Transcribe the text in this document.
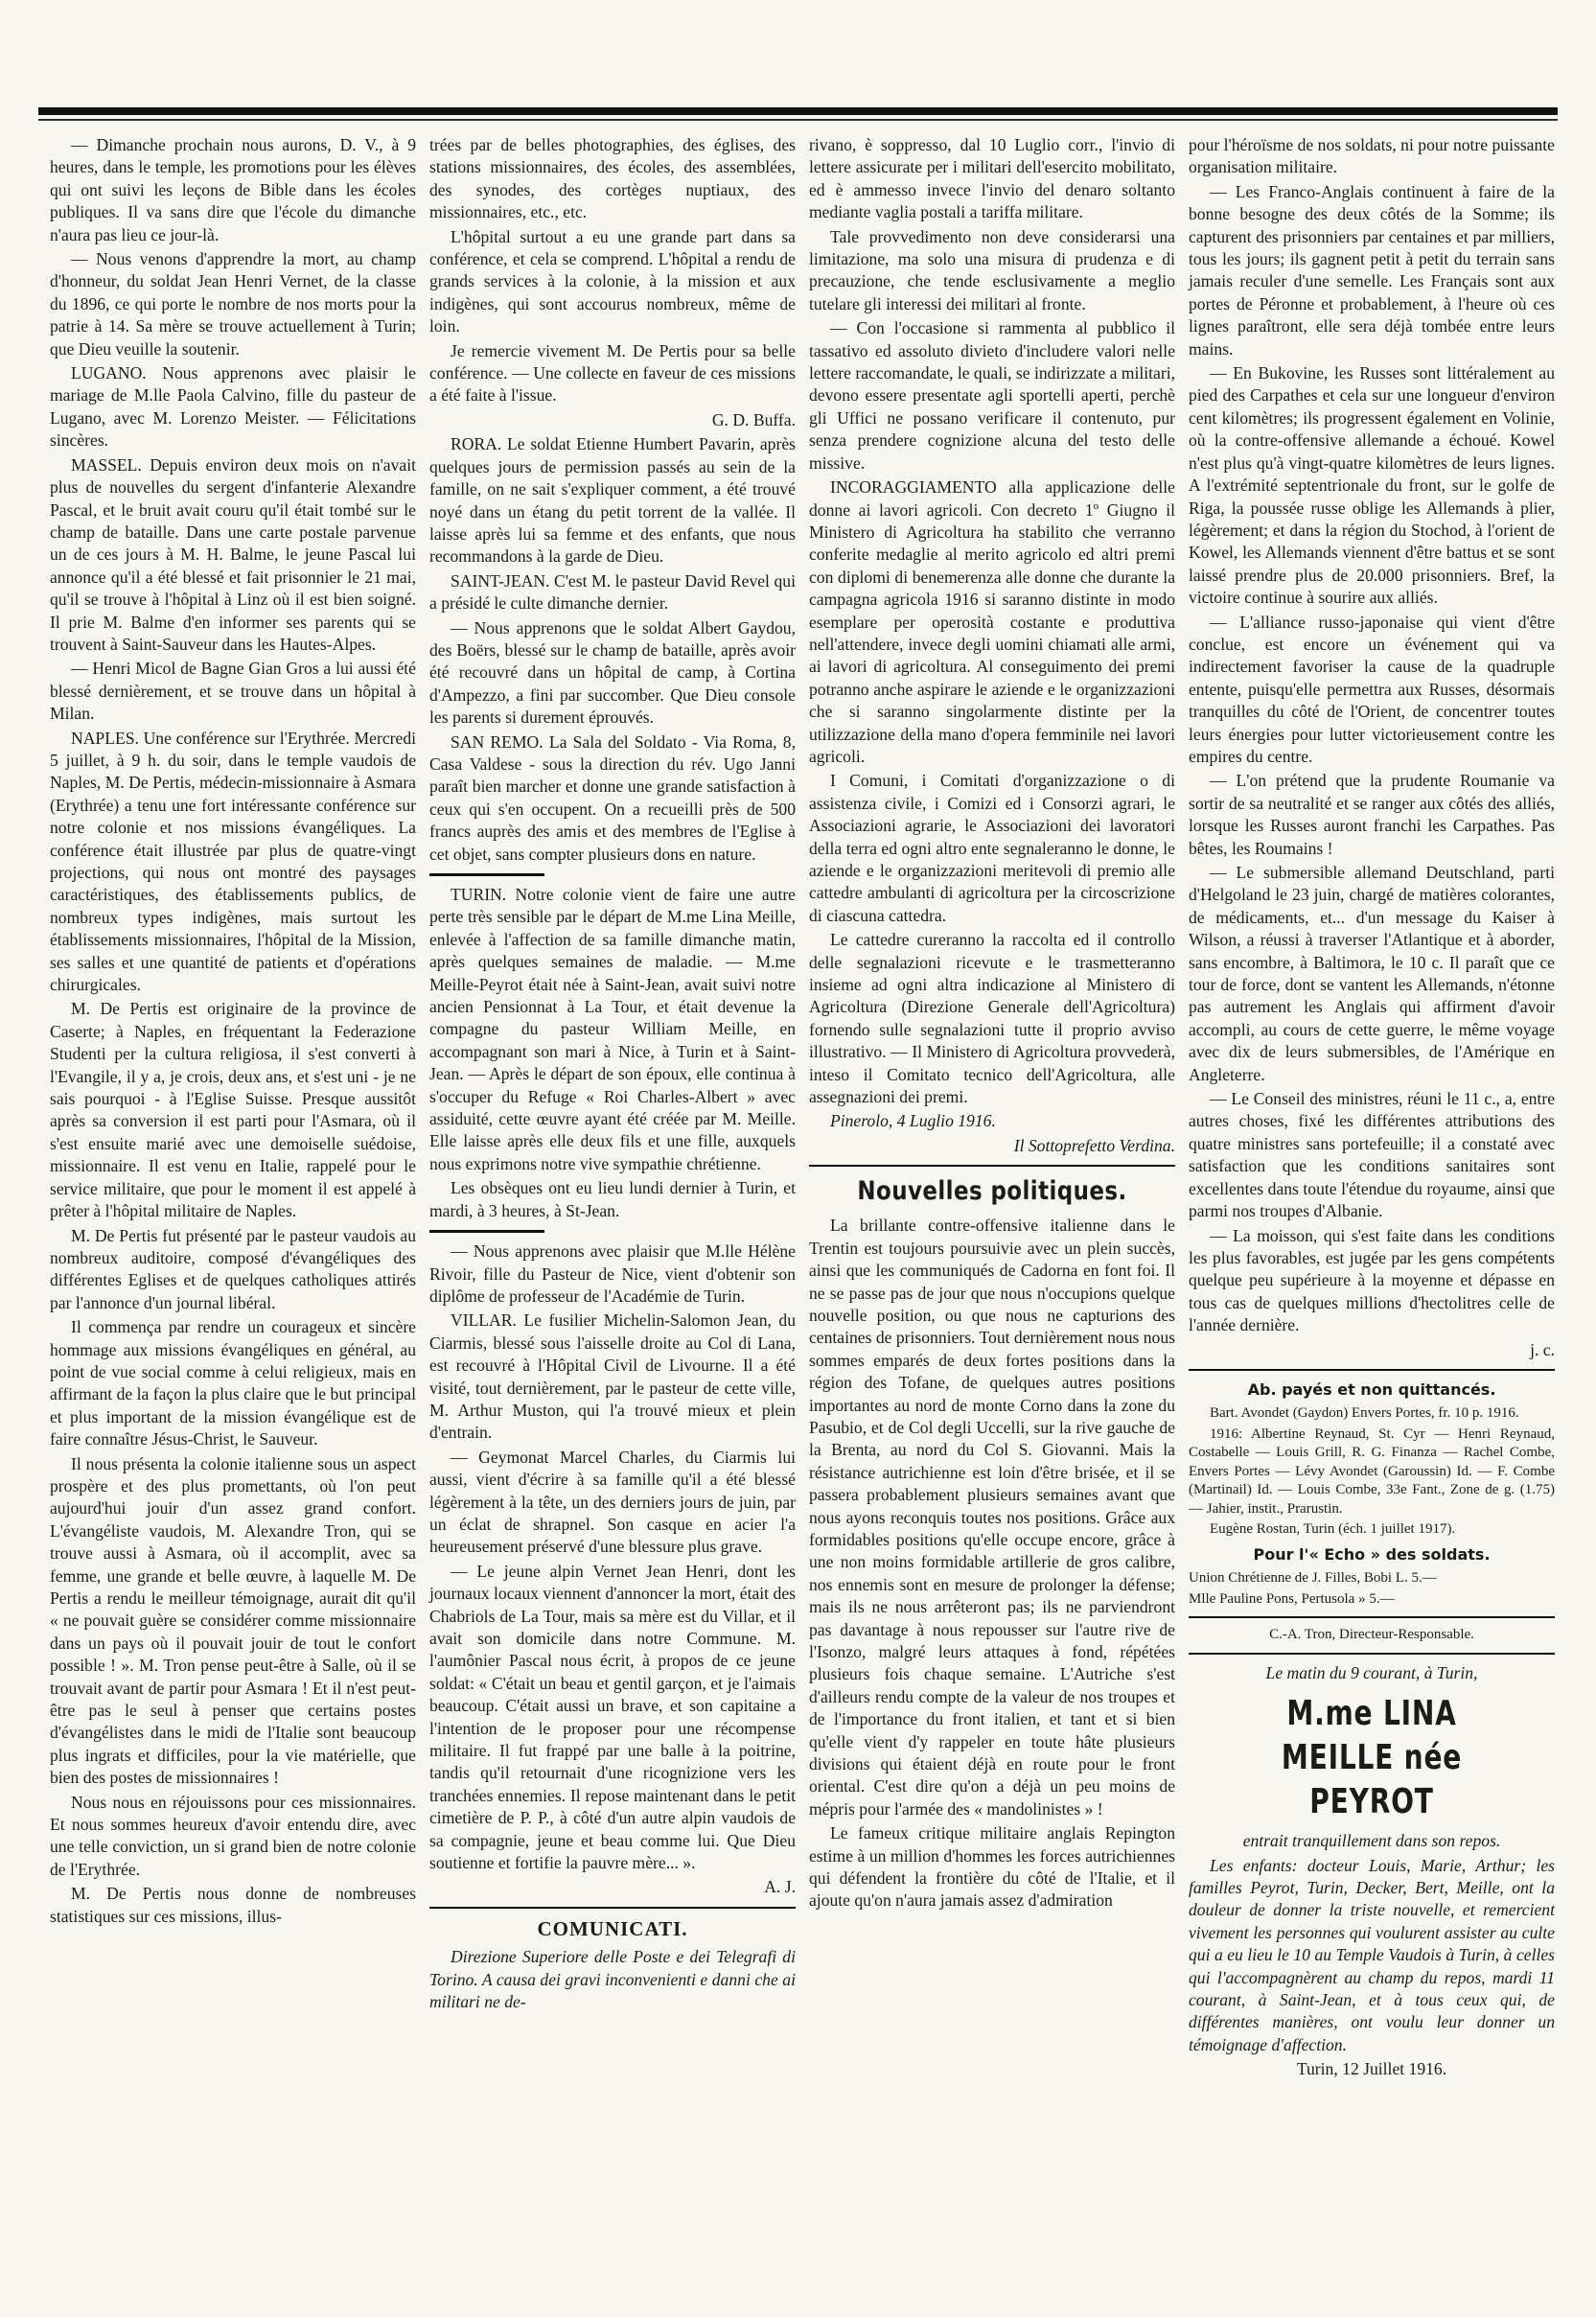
— Dimanche prochain nous aurons, D. V., à 9 heures, dans le temple, les promotions pour les élèves qui ont suivi les leçons de Bible dans les écoles publiques. Il va sans dire que l'école du dimanche n'aura pas lieu ce jour-là.

— Nous venons d'apprendre la mort, au champ d'honneur, du soldat Jean Henri Vernet, de la classe du 1896, ce qui porte le nombre de nos morts pour la patrie à 14. Sa mère se trouve actuellement à Turin; que Dieu veuille la soutenir.

LUGANO. Nous apprenons avec plaisir le mariage de M.lle Paola Calvino, fille du pasteur de Lugano, avec M. Lorenzo Meister. — Félicitations sincères.

MASSEL. Depuis environ deux mois on n'avait plus de nouvelles du sergent d'infanterie Alexandre Pascal, et le bruit avait couru qu'il était tombé sur le champ de bataille. Dans une carte postale parvenue un de ces jours à M. H. Balme, le jeune Pascal lui annonce qu'il a été blessé et fait prisonnier le 21 mai, qu'il se trouve à l'hôpital à Linz où il est bien soigné. Il prie M. Balme d'en informer ses parents qui se trouvent à Saint-Sauveur dans les Hautes-Alpes.

— Henri Micol de Bagne Gian Gros a lui aussi été blessé dernièrement, et se trouve dans un hôpital à Milan.

NAPLES. Une conférence sur l'Erythrée. Mercredi 5 juillet, à 9 h. du soir, dans le temple vaudois de Naples, M. De Pertis, médecin-missionnaire à Asmara (Erythrée) a tenu une fort intéressante conférence sur notre colonie et nos missions évangéliques. La conférence était illustrée par plus de quatre-vingt projections, qui nous ont montré des paysages caractéristiques, des établissements publics, de nombreux types indigènes, mais surtout les établissements missionnaires, l'hôpital de la Mission, ses salles et une quantité de patients et d'opérations chirurgicales.

M. De Pertis est originaire de la province de Caserte; à Naples, en fréquentant la Federazione Studenti per la cultura religiosa, il s'est converti à l'Evangile, il y a, je crois, deux ans, et s'est uni - je ne sais pourquoi - à l'Eglise Suisse. Presque aussitôt après sa conversion il est parti pour l'Asmara, où il s'est ensuite marié avec une demoiselle suédoise, missionnaire. Il est venu en Italie, rappelé pour le service militaire, que pour le moment il est appelé à prêter à l'hôpital militaire de Naples.

M. De Pertis fut présenté par le pasteur vaudois au nombreux auditoire, composé d'évangéliques des différentes Eglises et de quelques catholiques attirés par l'annonce d'un journal libéral.

Il commença par rendre un courageux et sincère hommage aux missions évangéliques en général, au point de vue social comme à celui religieux, mais en affirmant de la façon la plus claire que le but principal et plus important de la mission évangélique est de faire connaître Jésus-Christ, le Sauveur.

Il nous présenta la colonie italienne sous un aspect prospère et des plus promettants, où l'on peut aujourd'hui jouir d'un assez grand confort. L'évangéliste vaudois, M. Alexandre Tron, qui se trouve aussi à Asmara, où il accomplit, avec sa femme, une grande et belle œuvre, à laquelle M. De Pertis a rendu le meilleur témoignage, aurait dit qu'il « ne pouvait guère se considérer comme missionnaire dans un pays où il pouvait jouir de tout le confort possible ! ». M. Tron pense peut-être à Salle, où il se trouvait avant de partir pour Asmara ! Et il n'est peut-être pas le seul à penser que certains postes d'évangélistes dans le midi de l'Italie sont beaucoup plus ingrats et difficiles, pour la vie matérielle, que bien des postes de missionnaires !

Nous nous en réjouissons pour ces missionnaires. Et nous sommes heureux d'avoir entendu dire, avec une telle conviction, un si grand bien de notre colonie de l'Erythrée.

M. De Pertis nous donne de nombreuses statistiques sur ces missions, illus-

trées par de belles photographies, des églises, des stations missionnaires, des écoles, des assemblées, des synodes, des cortèges nuptiaux, des missionnaires, etc., etc.

L'hôpital surtout a eu une grande part dans sa conférence, et cela se comprend. L'hôpital a rendu de grands services à la colonie, à la mission et aux indigènes, qui sont accourus nombreux, même de loin.

Je remercie vivement M. De Pertis pour sa belle conférence. — Une collecte en faveur de ces missions a été faite à l'issue.

G. D. Buffa.

RORA. Le soldat Etienne Humbert Pavarin, après quelques jours de permission passés au sein de la famille, on ne sait s'expliquer comment, a été trouvé noyé dans un étang du petit torrent de la vallée. Il laisse après lui sa femme et des enfants, que nous recommandons à la garde de Dieu.

SAINT-JEAN. C'est M. le pasteur David Revel qui a présidé le culte dimanche dernier.

— Nous apprenons que le soldat Albert Gaydou, des Boërs, blessé sur le champ de bataille, après avoir été recouvré dans un hôpital de camp, à Cortina d'Ampezzo, a fini par succomber. Que Dieu console les parents si durement éprouvés.

SAN REMO. La Sala del Soldato - Via Roma, 8, Casa Valdese - sous la direction du rév. Ugo Janni paraît bien marcher et donne une grande satisfaction à ceux qui s'en occupent. On a recueilli près de 500 francs auprès des amis et des membres de l'Eglise à cet objet, sans compter plusieurs dons en nature.

TURIN. Notre colonie vient de faire une autre perte très sensible par le départ de M.me Lina Meille, enlevée à l'affection de sa famille dimanche matin, après quelques semaines de maladie. — M.me Meille-Peyrot était née à Saint-Jean, avait suivi notre ancien Pensionnat à La Tour, et était devenue la compagne du pasteur William Meille, en accompagnant son mari à Nice, à Turin et à Saint-Jean. — Après le départ de son époux, elle continua à s'occuper du Refuge « Roi Charles-Albert » avec assiduité, cette œuvre ayant été créée par M. Meille. Elle laisse après elle deux fils et une fille, auxquels nous exprimons notre vive sympathie chrétienne.

Les obsèques ont eu lieu lundi dernier à Turin, et mardi, à 3 heures, à St-Jean.

— Nous apprenons avec plaisir que M.lle Hélène Rivoir, fille du Pasteur de Nice, vient d'obtenir son diplôme de professeur de l'Académie de Turin.

VILLAR. Le fusilier Michelin-Salomon Jean, du Ciarmis, blessé sous l'aisselle droite au Col di Lana, est recouvré à l'Hôpital Civil de Livourne. Il a été visité, tout dernièrement, par le pasteur de cette ville, M. Arthur Muston, qui l'a trouvé mieux et plein d'entrain.

— Geymonat Marcel Charles, du Ciarmis lui aussi, vient d'écrire à sa famille qu'il a été blessé légèrement à la tête, un des derniers jours de juin, par un éclat de shrapnel. Son casque en acier l'a heureusement préservé d'une blessure plus grave.

— Le jeune alpin Vernet Jean Henri, dont les journaux locaux viennent d'annoncer la mort, était des Chabriols de La Tour, mais sa mère est du Villar, et il avait son domicile dans notre Commune. M. l'aumônier Pascal nous écrit, à propos de ce jeune soldat: « C'était un beau et gentil garçon, et je l'aimais beaucoup. C'était aussi un brave, et son capitaine a l'intention de le proposer pour une récompense militaire. Il fut frappé par une balle à la poitrine, tandis qu'il retournait d'une ricognizione vers les tranchées ennemies. Il repose maintenant dans le petit cimetière de P. P., à côté d'un autre alpin vaudois de sa compagnie, jeune et beau comme lui. Que Dieu soutienne et fortifie la pauvre mère... ».

A. J.

COMUNICATI.

Direzione Superiore delle Poste e dei Telegrafi di Torino. A causa dei gravi inconvenienti e danni che ai militari ne de-

rivano, è soppresso, dal 10 Luglio corr., l'invio di lettere assicurate per i militari dell'esercito mobilitato, ed è ammesso invece l'invio del denaro soltanto mediante vaglia postali a tariffa militare.

Tale provvedimento non deve considerarsi una limitazione, ma solo una misura di prudenza e di precauzione, che tende esclusivamente a meglio tutelare gli interessi dei militari al fronte.

— Con l'occasione si rammenta al pubblico il tassativo ed assoluto divieto d'includere valori nelle lettere raccomandate, le quali, se indirizzate a militari, devono essere presentate agli sportelli aperti, perchè gli Uffici ne possano verificare il contenuto, pur senza prendere cognizione alcuna del testo delle missive.

INCORAGGIAMENTO alla applicazione delle donne ai lavori agricoli. Con decreto 1º Giugno il Ministero di Agricoltura ha stabilito che verranno conferite medaglie al merito agricolo ed altri premi con diplomi di benemerenza alle donne che durante la campagna agricola 1916 si saranno distinte in modo esemplare per operosità costante e produttiva nell'attendere, invece degli uomini chiamati alle armi, ai lavori di agricoltura. Al conseguimento dei premi potranno anche aspirare le aziende e le organizzazioni che si saranno singolarmente distinte per la utilizzazione della mano d'opera femminile nei lavori agricoli.

I Comuni, i Comitati d'organizzazione o di assistenza civile, i Comizi ed i Consorzi agrari, le Associazioni agrarie, le Associazioni dei lavoratori della terra ed ogni altro ente segnaleranno le donne, le aziende e le organizzazioni meritevoli di premio alle cattedre ambulanti di agricoltura per la circoscrizione di ciascuna cattedra.

Le cattedre cureranno la raccolta ed il controllo delle segnalazioni ricevute e le trasmetteranno insieme ad ogni altra indicazione al Ministero di Agricoltura (Direzione Generale dell'Agricoltura) fornendo sulle segnalazioni tutte il proprio avviso illustrativo. — Il Ministero di Agricoltura provvederà, inteso il Comitato tecnico dell'Agricoltura, alle assegnazioni dei premi.

Pinerolo, 4 Luglio 1916.

Il Sottoprefetto Verdina.

Nouvelles politiques.

La brillante contre-offensive italienne dans le Trentin est toujours poursuivie avec un plein succès, ainsi que les communiqués de Cadorna en font foi. Il ne se passe pas de jour que nous n'occupions quelque nouvelle position, ou que nous ne capturions des centaines de prisonniers. Tout dernièrement nous nous sommes emparés de deux fortes positions dans la région des Tofane, de quelques autres positions importantes au nord de monte Corno dans la zone du Pasubio, et de Col degli Uccelli, sur la rive gauche de la Brenta, au nord du Col S. Giovanni. Mais la résistance autrichienne est loin d'être brisée, et il se passera probablement plusieurs semaines avant que nous ayons reconquis toutes nos positions. Grâce aux formidables positions qu'elle occupe encore, grâce à une non moins formidable artillerie de gros calibre, nos ennemis sont en mesure de prolonger la défense; mais ils ne nous arrêteront pas; ils ne parviendront pas davantage à nous repousser sur l'autre rive de l'Isonzo, malgré leurs attaques à fond, répétées plusieurs fois chaque semaine. L'Autriche s'est d'ailleurs rendu compte de la valeur de nos troupes et de l'importance du front italien, et tant et si bien qu'elle vient d'y rappeler en toute hâte plusieurs divisions qui étaient déjà en route pour le front oriental. C'est dire qu'on a déjà un peu moins de mépris pour l'armée des « mandolinistes » !

Le fameux critique militaire anglais Repington estime à un million d'hommes les forces autrichiennes qui défendent la frontière du côté de l'Italie, et il ajoute qu'on n'aura jamais assez d'admiration

pour l'héroïsme de nos soldats, ni pour notre puissante organisation militaire.

— Les Franco-Anglais continuent à faire de la bonne besogne des deux côtés de la Somme; ils capturent des prisonniers par centaines et par milliers, tous les jours; ils gagnent petit à petit du terrain sans jamais reculer d'une semelle. Les Français sont aux portes de Péronne et probablement, à l'heure où ces lignes paraîtront, elle sera déjà tombée entre leurs mains.

— En Bukovine, les Russes sont littéralement au pied des Carpathes et cela sur une longueur d'environ cent kilomètres; ils progressent également en Volinie, où la contre-offensive allemande a échoué. Kowel n'est plus qu'à vingt-quatre kilomètres de leurs lignes. A l'extrémité septentrionale du front, sur le golfe de Riga, la poussée russe oblige les Allemands à plier, légèrement; et dans la région du Stochod, à l'orient de Kowel, les Allemands viennent d'être battus et se sont laissé prendre plus de 20.000 prisonniers. Bref, la victoire continue à sourire aux alliés.

— L'alliance russo-japonaise qui vient d'être conclue, est encore un événement qui va indirectement favoriser la cause de la quadruple entente, puisqu'elle permettra aux Russes, désormais tranquilles du côté de l'Orient, de concentrer toutes leurs énergies pour lutter victorieusement contre les empires du centre.

— L'on prétend que la prudente Roumanie va sortir de sa neutralité et se ranger aux côtés des alliés, lorsque les Russes auront franchi les Carpathes. Pas bêtes, les Roumains !

— Le submersible allemand Deutschland, parti d'Helgoland le 23 juin, chargé de matières colorantes, de médicaments, et... d'un message du Kaiser à Wilson, a réussi à traverser l'Atlantique et à aborder, sans encombre, à Baltimora, le 10 c. Il paraît que ce tour de force, dont se vantent les Allemands, n'étonne pas autrement les Anglais qui affirment d'avoir accompli, au cours de cette guerre, le même voyage avec dix de leurs submersibles, de l'Amérique en Angleterre.

— Le Conseil des ministres, réuni le 11 c., a, entre autres choses, fixé les différentes attributions des quatre ministres sans portefeuille; il a constaté avec satisfaction que les conditions sanitaires sont excellentes dans toute l'étendue du royaume, ainsi que parmi nos troupes d'Albanie.

— La moisson, qui s'est faite dans les conditions les plus favorables, est jugée par les gens compétents quelque peu supérieure à la moyenne et dépasse en tous cas de quelques millions d'hectolitres celle de l'année dernière.

j. c.

Ab. payés et non quittancés.

Bart. Avondet (Gaydon) Envers Portes, fr. 10 p. 1916.

1916: Albertine Reynaud, St. Cyr — Henri Reynaud, Costabelle — Louis Grill, R. G. Finanza — Rachel Combe, Envers Portes — Lévy Avondet (Garoussin) Id. — F. Combe (Martinail) Id. — Louis Combe, 33e Fant., Zone de g. (1.75) — Jahier, instit., Prarustin.

Eugène Rostan, Turin (éch. 1 juillet 1917).

Pour l'« Echo » des soldats.

Union Chrétienne de J. Filles, Bobi L. 5.—

Mlle Pauline Pons, Pertusola » 5.—

C.-A. Tron, Directeur-Responsable.

Le matin du 9 courant, à Turin,

M.me LINA MEILLE née PEYROT

entrait tranquillement dans son repos.

Les enfants: docteur Louis, Marie, Arthur; les familles Peyrot, Turin, Decker, Bert, Meille, ont la douleur de donner la triste nouvelle, et remercient vivement les personnes qui voulurent assister au culte qui a eu lieu le 10 au Temple Vaudois à Turin, à celles qui l'accompagnèrent au champ du repos, mardi 11 courant, à Saint-Jean, et à tous ceux qui, de différentes manières, ont voulu leur donner un témoignage d'affection.

Turin, 12 Juillet 1916.
